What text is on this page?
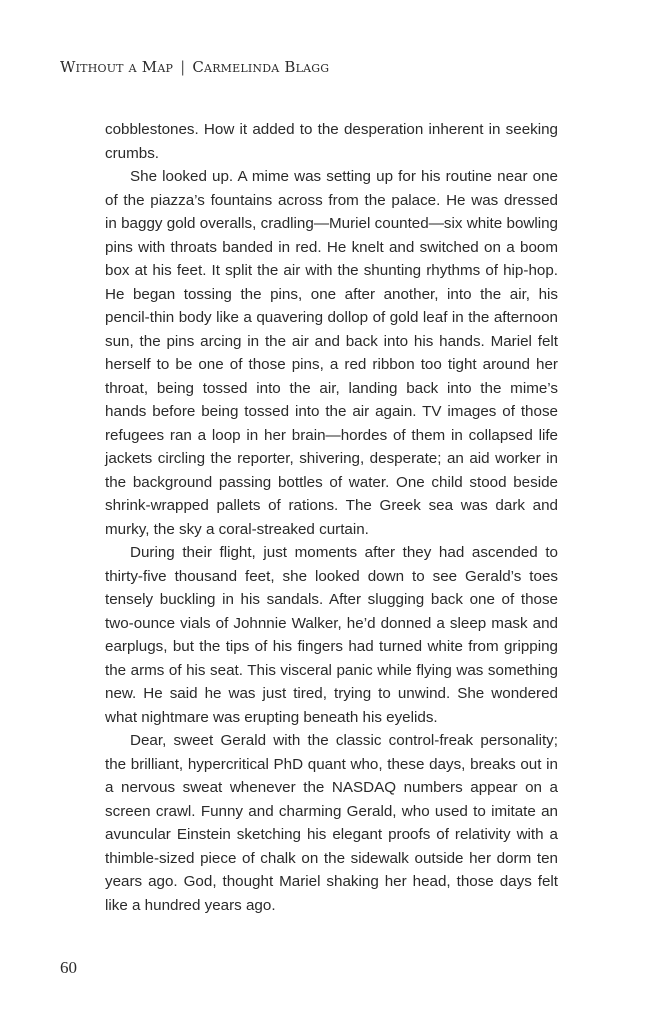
Without a Map | Carmelinda Blagg

cobblestones. How it added to the desperation inherent in seeking crumbs.

She looked up. A mime was setting up for his routine near one of the piazza’s fountains across from the palace. He was dressed in baggy gold overalls, cradling—Muriel counted—six white bowling pins with throats banded in red. He knelt and switched on a boom box at his feet. It split the air with the shunting rhythms of hip-hop. He began tossing the pins, one after another, into the air, his pencil-thin body like a quavering dollop of gold leaf in the afternoon sun, the pins arcing in the air and back into his hands. Mariel felt herself to be one of those pins, a red ribbon too tight around her throat, being tossed into the air, landing back into the mime’s hands before being tossed into the air again. TV images of those refugees ran a loop in her brain—hordes of them in collapsed life jackets circling the reporter, shivering, desperate; an aid worker in the background passing bottles of water. One child stood beside shrink-wrapped pallets of rations. The Greek sea was dark and murky, the sky a coral-streaked curtain.

During their flight, just moments after they had ascended to thirty-five thousand feet, she looked down to see Gerald’s toes tensely buckling in his sandals. After slugging back one of those two-ounce vials of Johnnie Walker, he’d donned a sleep mask and earplugs, but the tips of his fingers had turned white from gripping the arms of his seat. This visceral panic while flying was something new. He said he was just tired, trying to unwind. She wondered what nightmare was erupting beneath his eyelids.

Dear, sweet Gerald with the classic control-freak personality; the brilliant, hypercritical PhD quant who, these days, breaks out in a nervous sweat whenever the NASDAQ numbers appear on a screen crawl. Funny and charming Gerald, who used to imitate an avuncular Einstein sketching his elegant proofs of relativity with a thimble-sized piece of chalk on the sidewalk outside her dorm ten years ago. God, thought Mariel shaking her head, those days felt like a hundred years ago.

60
